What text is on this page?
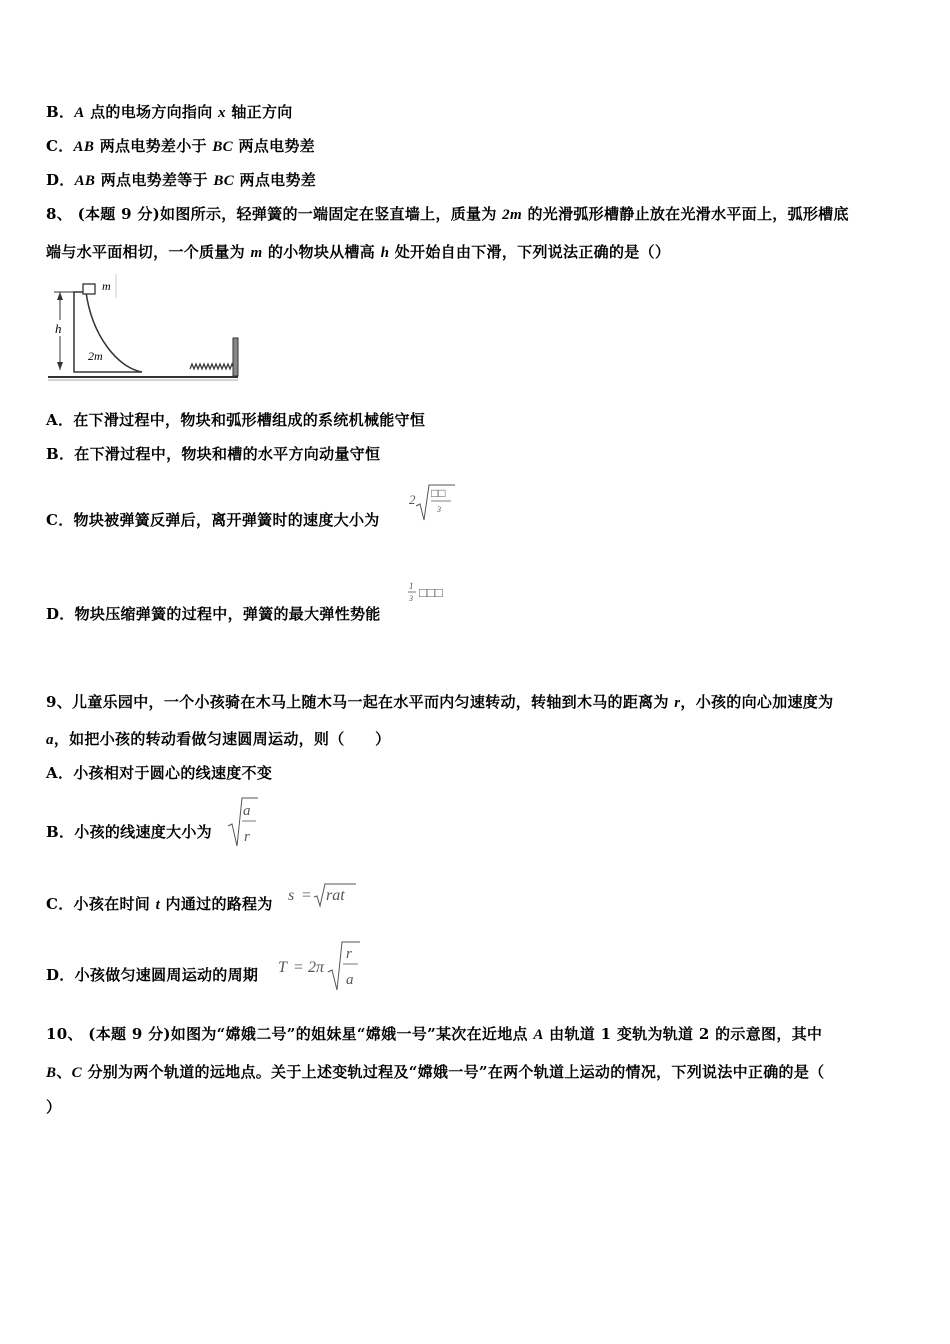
B．A 点的电场方向指向 x 轴正方向
C．AB 两点电势差小于 BC 两点电势差
D．AB 两点电势差等于 BC 两点电势差
8、 (本题 9 分)如图所示，轻弹簧的一端固定在竖直墙上，质量为 2m 的光滑弧形槽静止放在光滑水平面上，弧形槽底
端与水平面相切，一个质量为 m 的小物块从槽高 h 处开始自由下滑，下列说法正确的是（）
h
m
2m
A．在下滑过程中，物块和弧形槽组成的系统机械能守恒
B．在下滑过程中，物块和槽的水平方向动量守恒
C．物块被弹簧反弹后，离开弹簧时的速度大小为
2 □□
3
D．物块压缩弹簧的过程中，弹簧的最大弹性势能
1
3 □□□
9、儿童乐园中，一个小孩骑在木马上随木马一起在水平而内匀速转动，转轴到木马的距离为 r，小孩的向心加速度为
a，如把小孩的转动看做匀速圆周运动，则（　　）
A．小孩相对于圆心的线速度不变
B．小孩的线速度大小为
a
r
C．小孩在时间 t 内通过的路程为 s = rat
D．小孩做匀速圆周运动的周期 T = 2π
r
a
10、 (本题 9 分)如图为“嫦娥二号”的姐妹星“嫦娥一号”某次在近地点 A 由轨道 1 变轨为轨道 2 的示意图，其中
B、C 分别为两个轨道的远地点。关于上述变轨过程及“嫦娥一号”在两个轨道上运动的情况，下列说法中正确的是（
）
